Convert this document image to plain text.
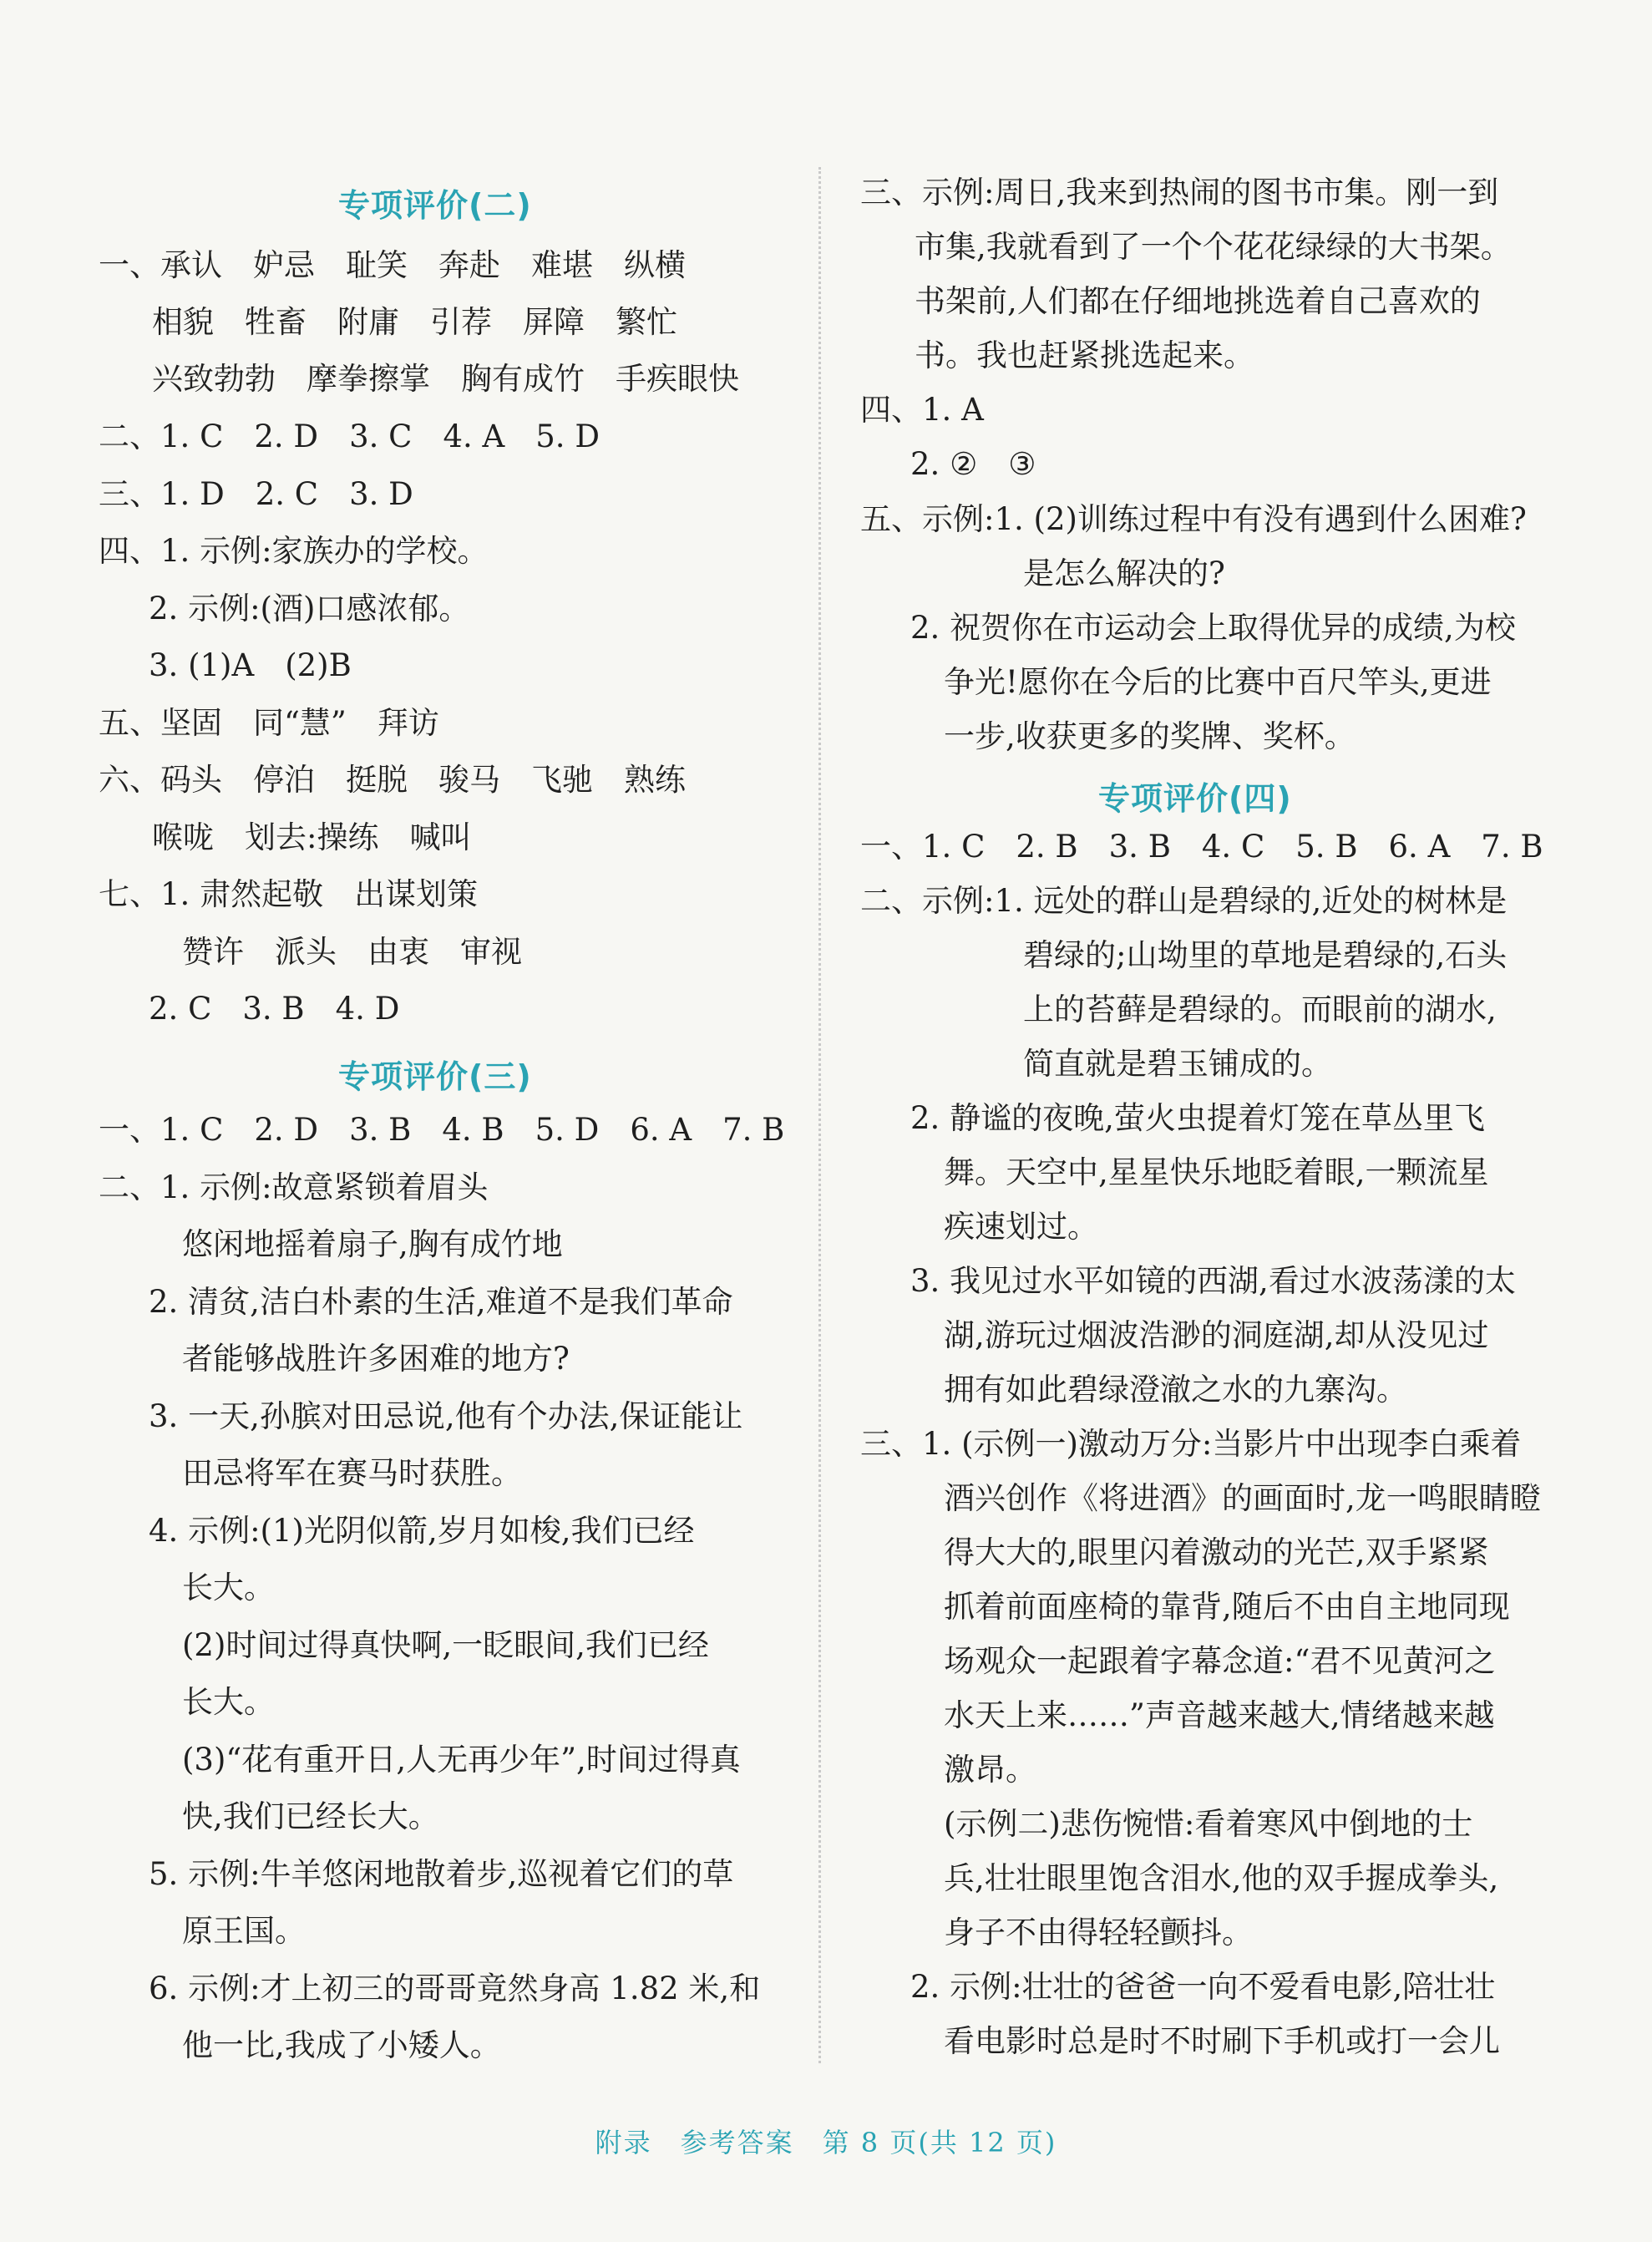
专项评价(二)
一、承认　妒忌　耻笑　奔赴　难堪　纵横
相貌　牲畜　附庸　引荐　屏障　繁忙
兴致勃勃　摩拳擦掌　胸有成竹　手疾眼快
二、1. C　2. D　3. C　4. A　5. D
三、1. D　2. C　3. D
四、1. 示例:家族办的学校。
2. 示例:(酒)口感浓郁。
3. (1)A　(2)B
五、坚固　同“慧”　拜访
六、码头　停泊　挺脱　骏马　飞驰　熟练
喉咙　划去:操练　喊叫
七、1. 肃然起敬　出谋划策
赞许　派头　由衷　审视
2. C　3. B　4. D
专项评价(三)
一、1. C　2. D　3. B　4. B　5. D　6. A　7. B
二、1. 示例:故意紧锁着眉头
悠闲地摇着扇子,胸有成竹地
2. 清贫,洁白朴素的生活,难道不是我们革命
者能够战胜许多困难的地方?
3. 一天,孙膑对田忌说,他有个办法,保证能让
田忌将军在赛马时获胜。
4. 示例:(1)光阴似箭,岁月如梭,我们已经
长大。
(2)时间过得真快啊,一眨眼间,我们已经
长大。
(3)“花有重开日,人无再少年”,时间过得真
快,我们已经长大。
5. 示例:牛羊悠闲地散着步,巡视着它们的草
原王国。
6. 示例:才上初三的哥哥竟然身高 1.82 米,和
他一比,我成了小矮人。
三、示例:周日,我来到热闹的图书市集。刚一到
市集,我就看到了一个个花花绿绿的大书架。
书架前,人们都在仔细地挑选着自己喜欢的
书。我也赶紧挑选起来。
四、1. A
2. ②　③
五、示例:1. (2)训练过程中有没有遇到什么困难?
是怎么解决的?
2. 祝贺你在市运动会上取得优异的成绩,为校
争光!愿你在今后的比赛中百尺竿头,更进
一步,收获更多的奖牌、奖杯。
专项评价(四)
一、1. C　2. B　3. B　4. C　5. B　6. A　7. B
二、示例:1. 远处的群山是碧绿的,近处的树林是
碧绿的;山坳里的草地是碧绿的,石头
上的苔藓是碧绿的。而眼前的湖水,
简直就是碧玉铺成的。
2. 静谧的夜晚,萤火虫提着灯笼在草丛里飞
舞。天空中,星星快乐地眨着眼,一颗流星
疾速划过。
3. 我见过水平如镜的西湖,看过水波荡漾的太
湖,游玩过烟波浩渺的洞庭湖,却从没见过
拥有如此碧绿澄澈之水的九寨沟。
三、1. (示例一)激动万分:当影片中出现李白乘着
酒兴创作《将进酒》的画面时,龙一鸣眼睛瞪
得大大的,眼里闪着激动的光芒,双手紧紧
抓着前面座椅的靠背,随后不由自主地同现
场观众一起跟着字幕念道:“君不见黄河之
水天上来……”声音越来越大,情绪越来越
激昂。
(示例二)悲伤惋惜:看着寒风中倒地的士
兵,壮壮眼里饱含泪水,他的双手握成拳头,
身子不由得轻轻颤抖。
2. 示例:壮壮的爸爸一向不爱看电影,陪壮壮
看电影时总是时不时刷下手机或打一会儿
附录　参考答案　第 8 页(共 12 页)
